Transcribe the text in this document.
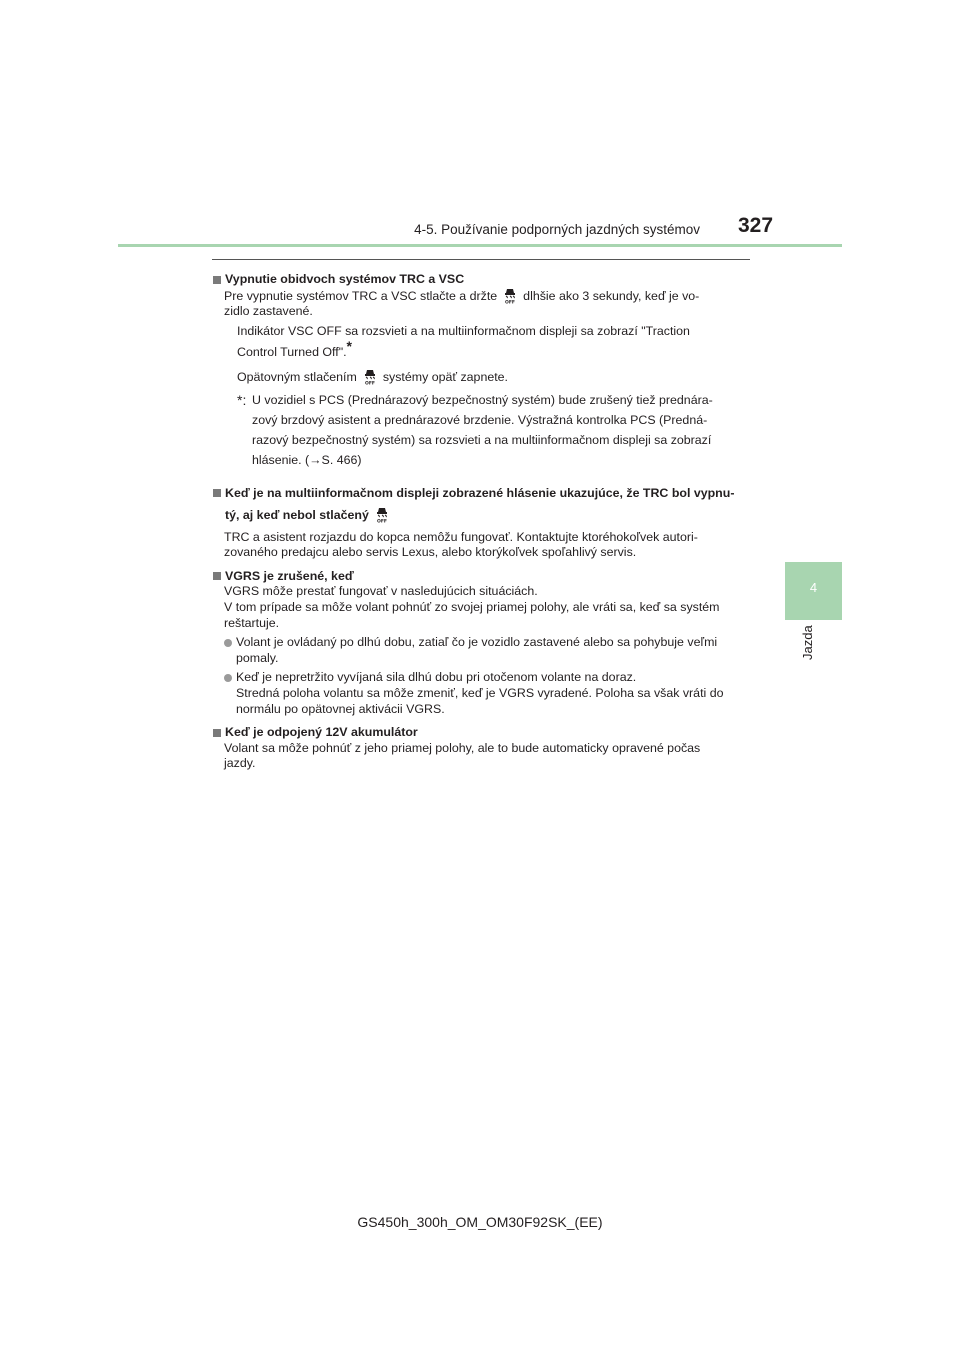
4-5. Používanie podporných jazdných systémov 327
4
Jazda
Vypnutie obidvoch systémov TRC a VSC
Pre vypnutie systémov TRC a VSC stlačte a držte OFF dlhšie ako 3 sekundy, keď je vo-
zidlo zastavené.
Indikátor VSC OFF sa rozsvieti a na multiinformačnom displeji sa zobrazí "Traction
Control Turned Off".*
Opätovným stlačením OFF systémy opäť zapnete.
*: U vozidiel s PCS (Prednárazový bezpečnostný systém) bude zrušený tiež prednára-
zový brzdový asistent a prednárazové brzdenie. Výstražná kontrolka PCS (Predná-
razový bezpečnostný systém) sa rozsvieti a na multiinformačnom displeji sa zobrazí
hlásenie. (→S. 466)
Keď je na multiinformačnom displeji zobrazené hlásenie ukazujúce, že TRC bol vypnu-
tý, aj keď nebol stlačený OFF
TRC a asistent rozjazdu do kopca nemôžu fungovať. Kontaktujte ktoréhokoľvek autori-
zovaného predajcu alebo servis Lexus, alebo ktorýkoľvek spoľahlivý servis.
VGRS je zrušené, keď
VGRS môže prestať fungovať v nasledujúcich situáciách.
V tom prípade sa môže volant pohnúť zo svojej priamej polohy, ale vráti sa, keď sa systém
reštartuje.
Volant je ovládaný po dlhú dobu, zatiaľ čo je vozidlo zastavené alebo sa pohybuje veľmi
pomaly.
Keď je nepretržito vyvíjaná sila dlhú dobu pri otočenom volante na doraz.
Stredná poloha volantu sa môže zmeniť, keď je VGRS vyradené. Poloha sa však vráti do
normálu po opätovnej aktivácii VGRS.
Keď je odpojený 12V akumulátor
Volant sa môže pohnúť z jeho priamej polohy, ale to bude automaticky opravené počas
jazdy.
GS450h_300h_OM_OM30F92SK_(EE)
